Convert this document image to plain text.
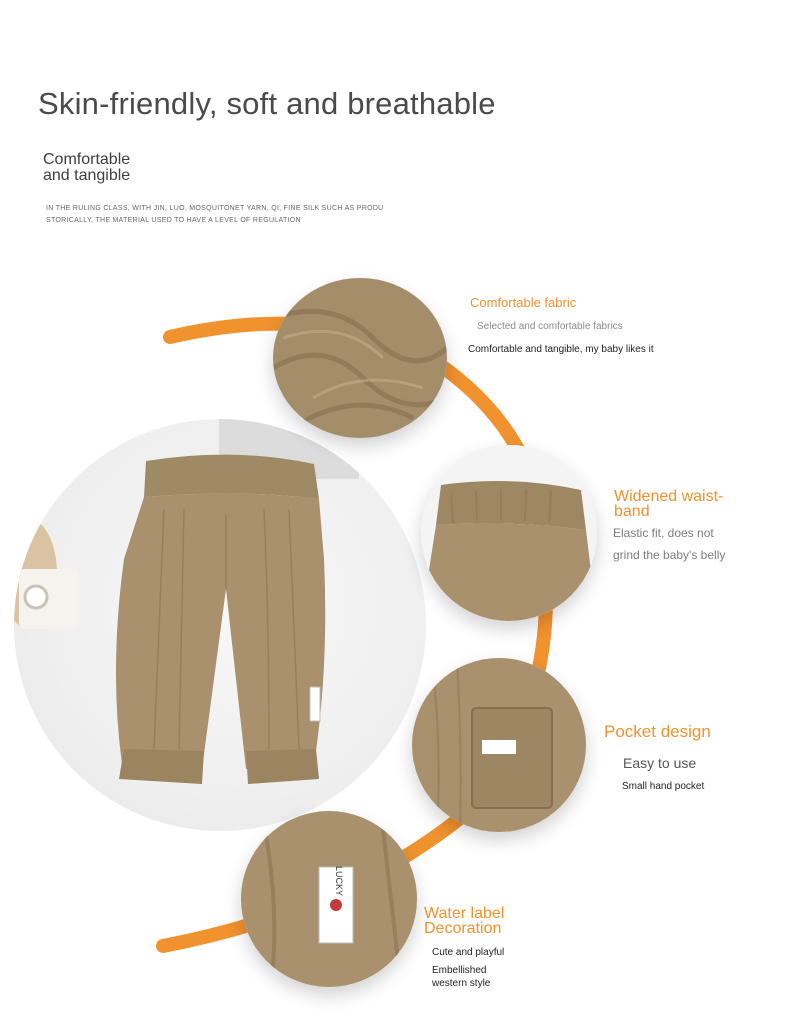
Skin-friendly, soft and breathable
Comfortable
and tangible
IN THE RULING CLASS, WITH JIN, LUO, MOSQUITONET YARN, QI, FINE SILK SUCH AS PRODU
STORICALLY, THE MATERIAL USED TO HAVE A LEVEL OF REGULATION
LUCKY
Comfortable fabric
Selected and comfortable fabrics
Comfortable and tangible, my baby likes it
Widened waist-band
Elastic fit, does not
grind the baby's belly
Pocket design
Easy to use
Small hand pocket
Water label Decoration
Cute and playful
Embellished
western style
